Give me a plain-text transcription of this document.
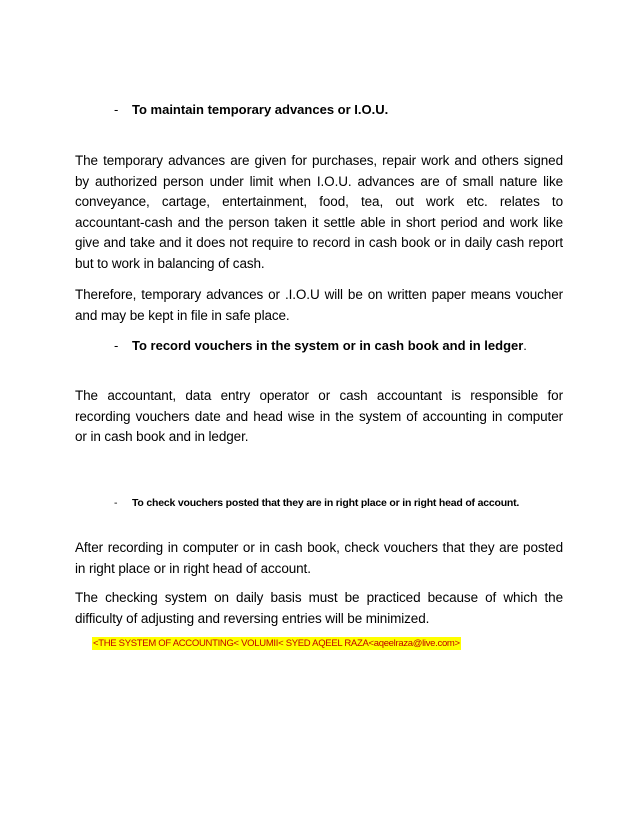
- To maintain temporary advances or I.O.U.
The temporary advances are given for purchases, repair work and others signed
by authorized person under limit when I.O.U. advances are of small nature like
conveyance, cartage, entertainment, food, tea, out work etc. relates to
accountant-cash and the person taken it settle able in short period and work like
give and take and it does not require to record in cash book or in daily cash report
but to work in balancing of cash.
Therefore, temporary advances or .I.O.U will be on written paper means voucher
and may be kept in file in safe place.
- To record vouchers in the system or in cash book and in ledger.
The accountant, data entry operator or cash accountant is responsible for
recording vouchers date and head wise in the system of accounting in computer
or in cash book and in ledger.
- To check vouchers posted that they are in right place or in right head of account.
After recording in computer or in cash book, check vouchers that they are posted
in right place or in right head of account.
The checking system on daily basis must be practiced because of which the
difficulty of adjusting and reversing entries will be minimized.
<THE SYSTEM OF ACCOUNTING< VOLUMII< SYED AQEEL RAZA<aqeelraza@live.com>
